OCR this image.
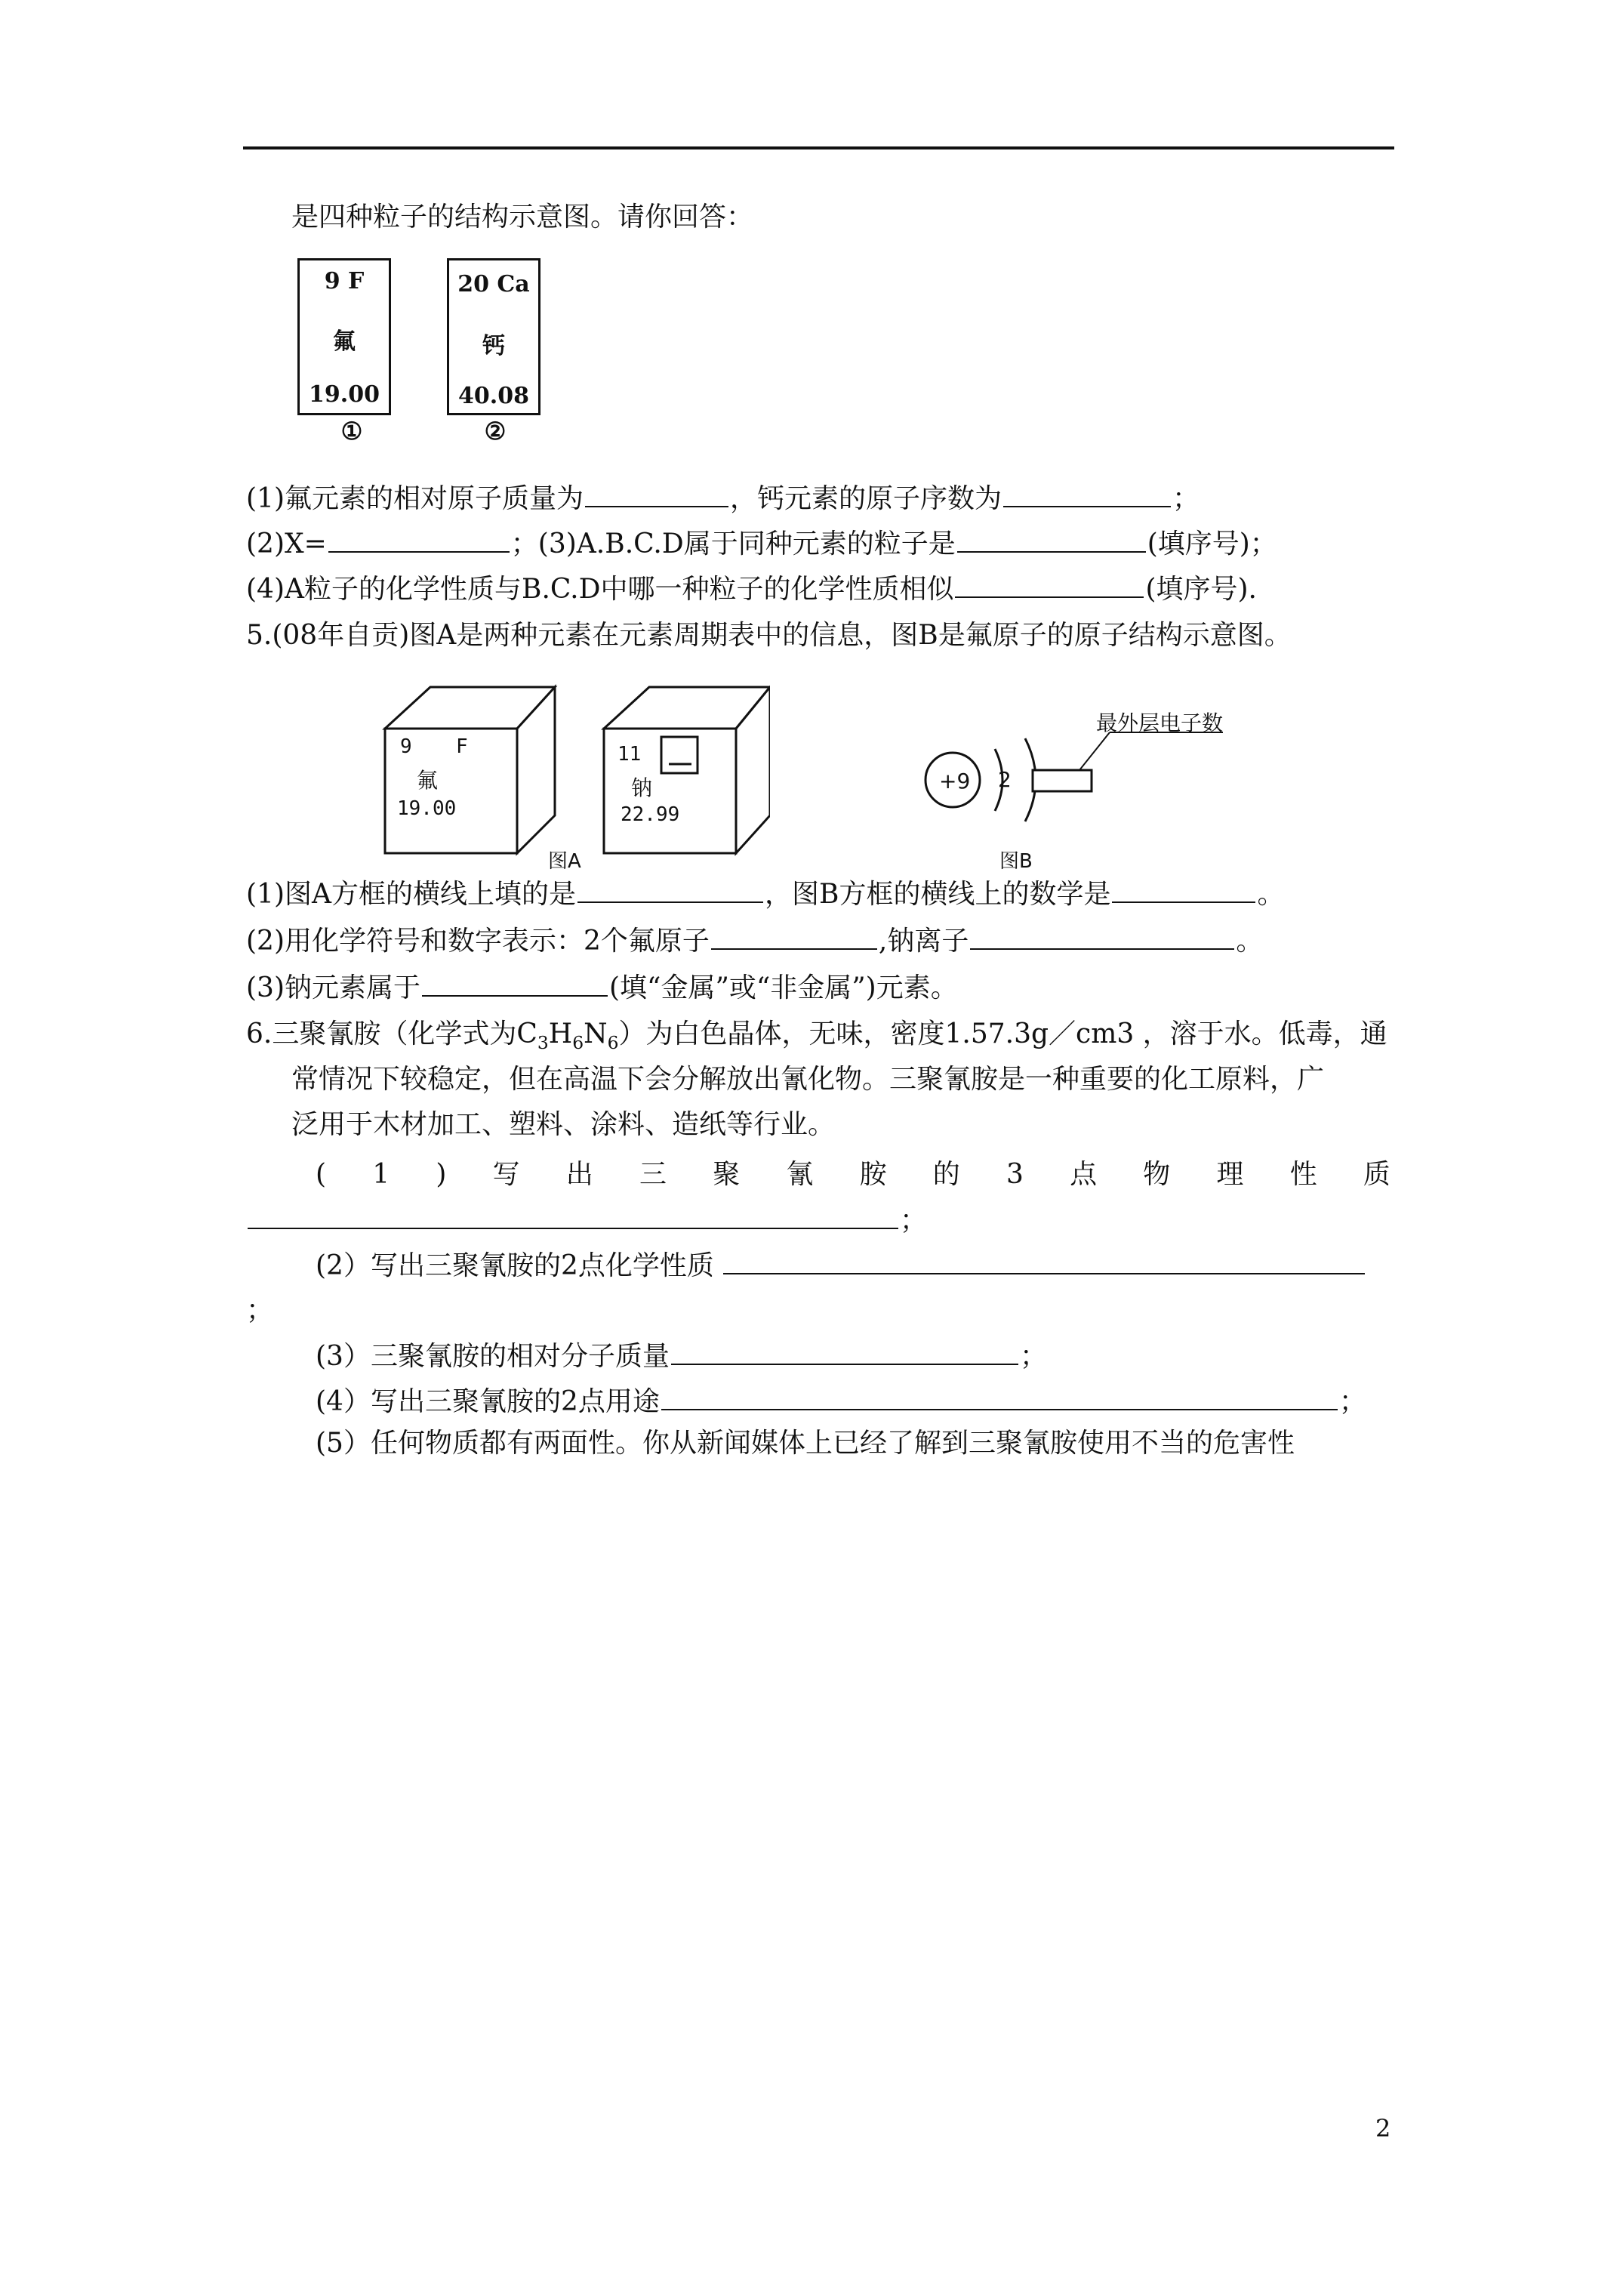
是四种粒子的结构示意图。请你回答：
9 F
氟
19.00
①
20 Ca
钙
40.08
②
(1)氟元素的相对原子质量为	，钙元素的原子序数为	；
(2)X=	；(3)A.B.C.D属于同种元素的粒子是	(填序号)；
(4)A粒子的化学性质与B.C.D中哪一种粒子的化学性质相似	(填序号).
5.(08年自贡)图A是两种元素在元素周期表中的信息，图B是氟原子的原子结构示意图。
9 F
氟
19.00
11
钠
22.99
图A
+9 2
最外层电子数
图B
(1)图A方框的横线上填的是	，图B方框的横线上的数学是	。
(2)用化学符号和数字表示：2个氟原子	,钠离子	。
(3)钠元素属于	(填“金属”或“非金属”)元素。
6.三聚氰胺（化学式为$C_3H_6N_6$）为白色晶体，无味，密度1.57.3g／cm3 ，溶于水。低毒，通
常情况下较稳定，但在高温下会分解放出氰化物。三聚氰胺是一种重要的化工原料，广
泛用于木材加工、塑料、涂料、造纸等行业。
( 1 ) 写 出 三 聚 氰 胺 的 3 点 物 理 性 质
；
(2）写出三聚氰胺的2点化学性质
；
(3）三聚氰胺的相对分子质量	；
(4）写出三聚氰胺的2点用途	；
(5）任何物质都有两面性。你从新闻媒体上已经了解到三聚氰胺使用不当的危害性
2
